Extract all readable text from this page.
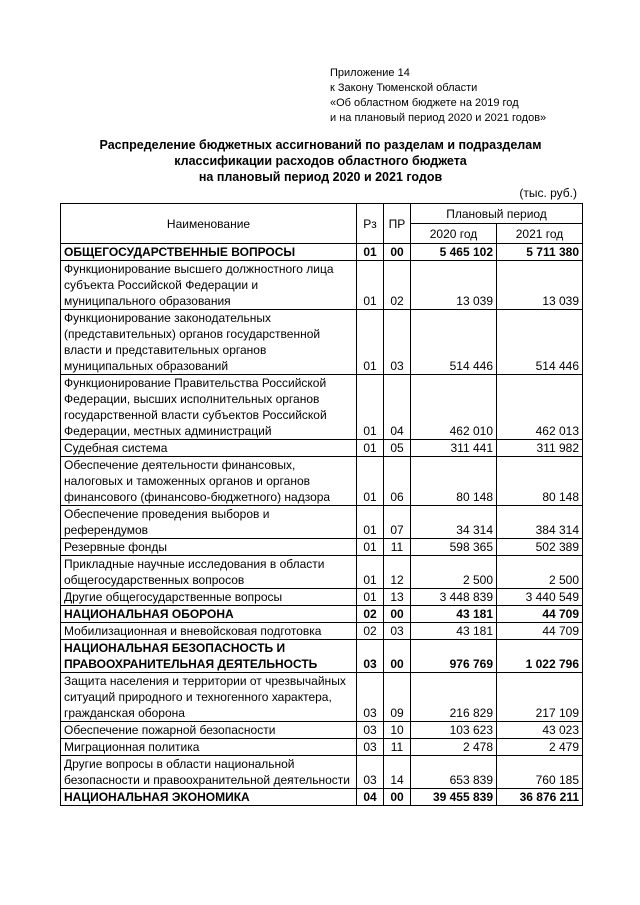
Приложение 14
к Закону Тюменской области
«Об областном бюджете на 2019 год
и на плановый период 2020 и 2021 годов»
Распределение бюджетных ассигнований по разделам и подразделам
классификации расходов областного бюджета
на плановый период 2020 и 2021 годов
(тыс. руб.)
Наименование	Рз	ПР	Плановый период	
			2020 год	2021 год
ОБЩЕГОСУДАРСТВЕННЫЕ ВОПРОСЫ	01	00	5 465 102	5 711 380
Функционирование высшего должностного лица субъекта Российской Федерации и муниципального образования	01	02	13 039	13 039
Функционирование законодательных (представительных) органов государственной власти и представительных органов муниципальных образований	01	03	514 446	514 446
Функционирование Правительства Российской Федерации, высших исполнительных органов государственной власти субъектов Российской Федерации, местных администраций	01	04	462 010	462 013
Судебная система	01	05	311 441	311 982
Обеспечение деятельности финансовых, налоговых и таможенных органов и органов финансового (финансово-бюджетного) надзора	01	06	80 148	80 148
Обеспечение проведения выборов и референдумов	01	07	34 314	384 314
Резервные фонды	01	11	598 365	502 389
Прикладные научные исследования в области общегосударственных вопросов	01	12	2 500	2 500
Другие общегосударственные вопросы	01	13	3 448 839	3 440 549
НАЦИОНАЛЬНАЯ ОБОРОНА	02	00	43 181	44 709
Мобилизационная и вневойсковая подготовка	02	03	43 181	44 709
НАЦИОНАЛЬНАЯ БЕЗОПАСНОСТЬ И ПРАВООХРАНИТЕЛЬНАЯ ДЕЯТЕЛЬНОСТЬ	03	00	976 769	1 022 796
Защита населения и территории от чрезвычайных ситуаций природного и техногенного характера, гражданская оборона	03	09	216 829	217 109
Обеспечение пожарной безопасности	03	10	103 623	43 023
Миграционная политика	03	11	2 478	2 479
Другие вопросы в области национальной безопасности и правоохранительной деятельности	03	14	653 839	760 185
НАЦИОНАЛЬНАЯ ЭКОНОМИКА	04	00	39 455 839	36 876 211
